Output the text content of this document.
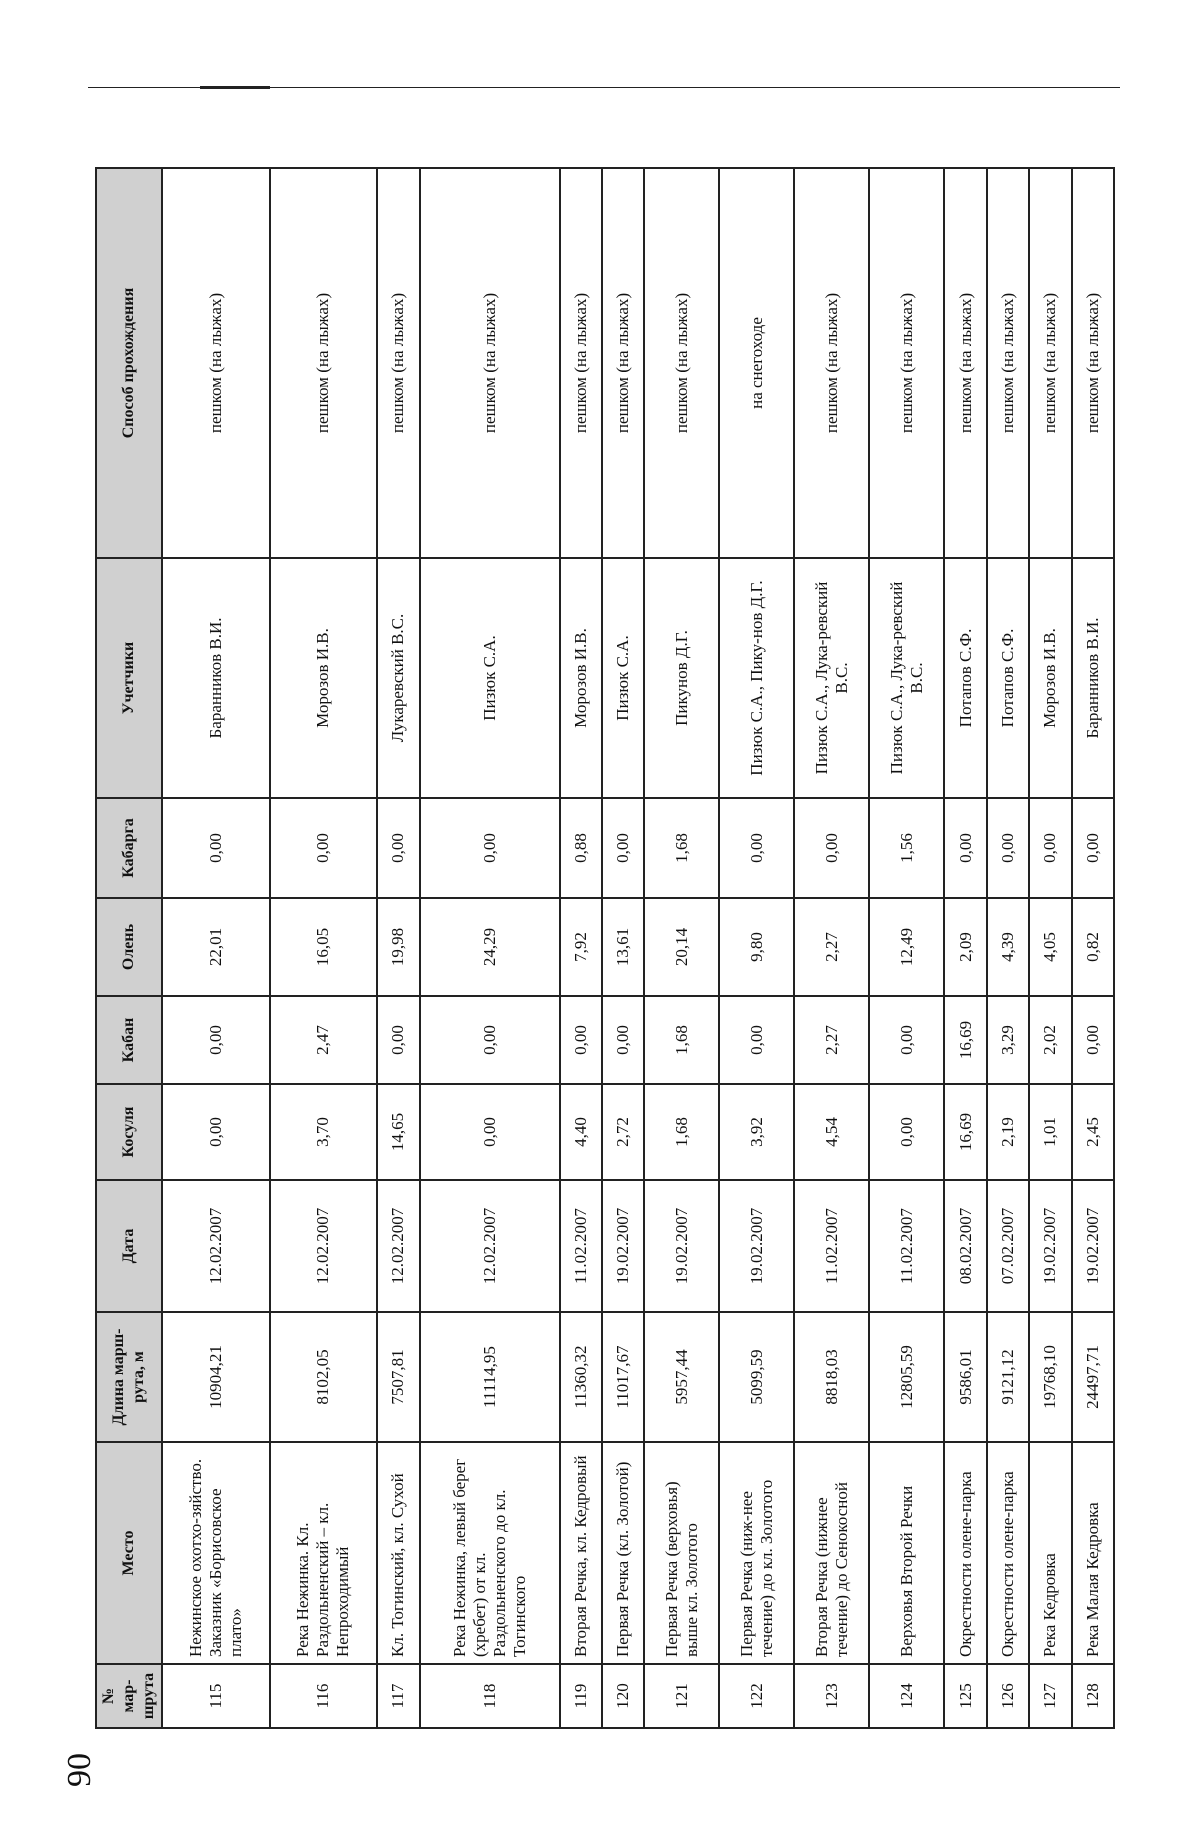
№ мар-
шрута	Место	Длина марш-
рута, м	Дата	Косуля	Кабан	Олень	Кабарга	Учетчики	Способ прохождения
115	Нежинское охотхо-зяйство. Заказник «Борисовское плато»	10904,21	12.02.2007	0,00	0,00	22,01	0,00	Баранников В.И.	пешком (на лыжах)
116	Река Нежинка. Кл. Раздольненский – кл. Непроходимый	8102,05	12.02.2007	3,70	2,47	16,05	0,00	Морозов И.В.	пешком (на лыжах)
117	Кл. Тогинский, кл. Сухой	7507,81	12.02.2007	14,65	0,00	19,98	0,00	Лукаревский В.С.	пешком (на лыжах)
118	Река Нежинка, левый берег (хребет) от кл. Раздольненского до кл. Тогинского	11114,95	12.02.2007	0,00	0,00	24,29	0,00	Пизюк С.А.	пешком (на лыжах)
119	Вторая Речка, кл. Кедровый	11360,32	11.02.2007	4,40	0,00	7,92	0,88	Морозов И.В.	пешком (на лыжах)
120	Первая Речка (кл. Золотой)	11017,67	19.02.2007	2,72	0,00	13,61	0,00	Пизюк С.А.	пешком (на лыжах)
121	Первая Речка (верховья) выше кл. Золотого	5957,44	19.02.2007	1,68	1,68	20,14	1,68	Пикунов Д.Г.	пешком (на лыжах)
122	Первая Речка (ниж-нее течение) до кл. Золотого	5099,59	19.02.2007	3,92	0,00	9,80	0,00	Пизюк С.А., Пику-нов Д.Г.	на снегоходе
123	Вторая Речка (нижнее течение) до Сенокосной	8818,03	11.02.2007	4,54	2,27	2,27	0,00	Пизюк С.А., Лука-ревский В.С.	пешком (на лыжах)
124	Верховья Второй Речки	12805,59	11.02.2007	0,00	0,00	12,49	1,56	Пизюк С.А., Лука-ревский В.С.	пешком (на лыжах)
125	Окрестности олене-парка	9586,01	08.02.2007	16,69	16,69	2,09	0,00	Потапов С.Ф.	пешком (на лыжах)
126	Окрестности олене-парка	9121,12	07.02.2007	2,19	3,29	4,39	0,00	Потапов С.Ф.	пешком (на лыжах)
127	Река Кедровка	19768,10	19.02.2007	1,01	2,02	4,05	0,00	Морозов И.В.	пешком (на лыжах)
128	Река Малая Кедровка	24497,71	19.02.2007	2,45	0,00	0,82	0,00	Баранников В.И.	пешком (на лыжах)
90
